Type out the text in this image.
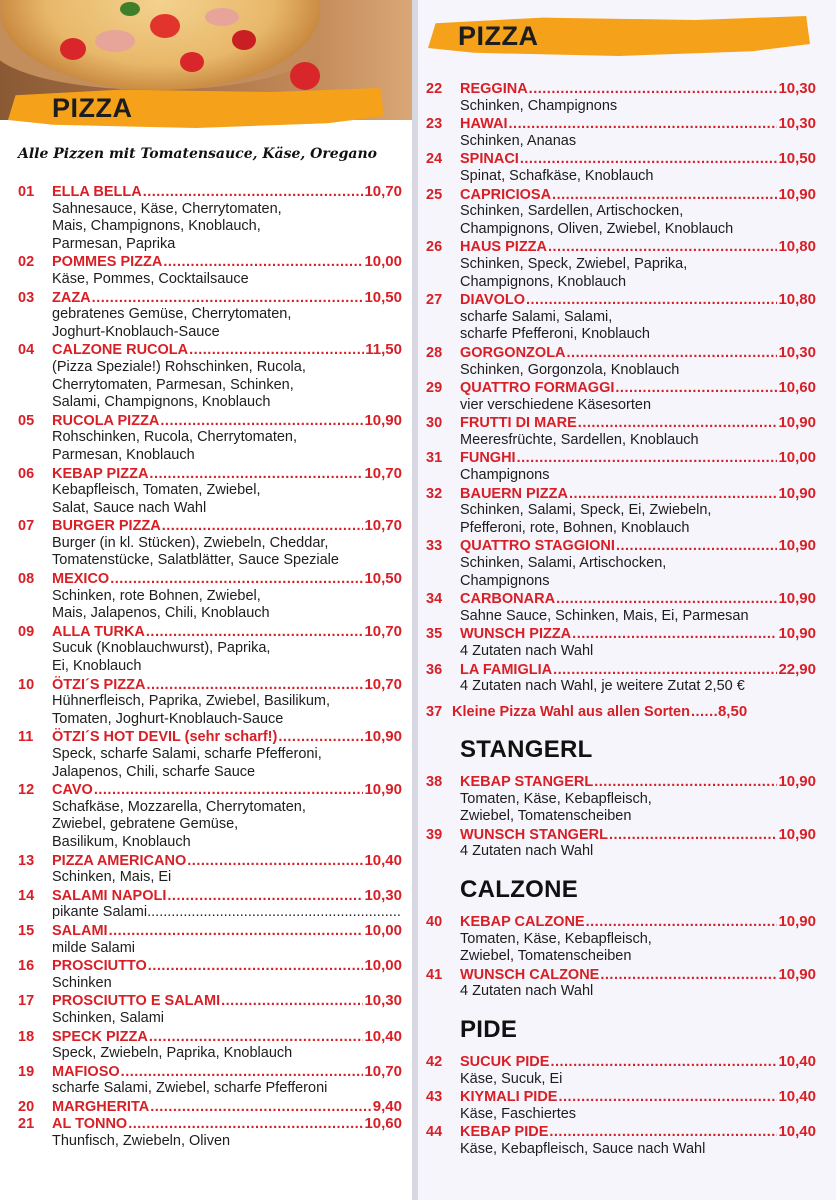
PIZZA
Alle Pizzen mit Tomatensauce, Käse, Oregano
01	ELLA BELLA .....	10,70
Sahnesauce, Käse, Cherrytomaten,
Mais, Champignons, Knoblauch,
Parmesan, Paprika
02	POMMES PIZZA .....	10,00
Käse, Pommes, Cocktailsauce
03	ZAZA .....	10,50
gebratenes Gemüse, Cherrytomaten,
Joghurt-Knoblauch-Sauce
04	CALZONE RUCOLA .....	11,50
(Pizza Speziale!) Rohschinken, Rucola,
Cherrytomaten, Parmesan, Schinken,
Salami, Champignons, Knoblauch
05	RUCOLA PIZZA .....	10,90
Rohschinken, Rucola, Cherrytomaten,
Parmesan, Knoblauch
06	KEBAP PIZZA .....	10,70
Kebapfleisch, Tomaten, Zwiebel,
Salat, Sauce nach Wahl
07	BURGER PIZZA .....	10,70
Burger (in kl. Stücken), Zwiebeln, Cheddar,
Tomatenstücke, Salatblätter, Sauce Speziale
08	MEXICO .....	10,50
Schinken, rote Bohnen, Zwiebel,
Mais, Jalapenos, Chili, Knoblauch
09	ALLA TURKA .....	10,70
Sucuk (Knoblauchwurst), Paprika,
Ei, Knoblauch
10	ÖTZI´S PIZZA .....	10,70
Hühnerfleisch, Paprika, Zwiebel, Basilikum,
Tomaten, Joghurt-Knoblauch-Sauce
11	ÖTZI´S HOT DEVIL (sehr scharf!) .....	10,90
Speck, scharfe Salami, scharfe Pfefferoni,
Jalapenos, Chili, scharfe Sauce
12	CAVO .....	10,90
Schafkäse, Mozzarella, Cherrytomaten,
Zwiebel, gebratene Gemüse,
Basilikum, Knoblauch
13	PIZZA AMERICANO .....	10,40
Schinken, Mais, Ei
14	SALAMI NAPOLI .....	10,30
pikante Salami
.....
15	SALAMI .....	10,00
milde Salami
16	PROSCIUTTO .....	10,00
Schinken
17	PROSCIUTTO E SALAMI .....	10,30
Schinken, Salami
18	SPECK PIZZA .....	10,40
Speck, Zwiebeln, Paprika, Knoblauch
19	MAFIOSO .....	10,70
scharfe Salami, Zwiebel, scharfe Pfefferoni
20	MARGHERITA .....	9,40
21	AL TONNO .....	10,60
Thunfisch, Zwiebeln, Oliven
PIZZA
22	REGGINA .....	10,30
Schinken, Champignons
23	HAWAI .....	10,30
Schinken, Ananas
24	SPINACI .....	10,50
Spinat, Schafkäse, Knoblauch
25	CAPRICIOSA .....	10,90
Schinken, Sardellen, Artischocken,
Champignons, Oliven, Zwiebel, Knoblauch
26	HAUS PIZZA .....	10,80
Schinken, Speck, Zwiebel, Paprika,
Champignons, Knoblauch
27	DIAVOLO .....	10,80
scharfe Salami, Salami,
scharfe Pfefferoni, Knoblauch
28	GORGONZOLA .....	10,30
Schinken, Gorgonzola, Knoblauch
29	QUATTRO FORMAGGI .....	10,60
vier verschiedene Käsesorten
30	FRUTTI DI MARE .....	10,90
Meeresfrüchte, Sardellen, Knoblauch
31	FUNGHI .....	10,00
Champignons
32	BAUERN PIZZA .....	10,90
Schinken, Salami, Speck, Ei, Zwiebeln,
Pfefferoni, rote, Bohnen, Knoblauch
33	QUATTRO STAGGIONI .....	10,90
Schinken, Salami, Artischocken,
Champignons
34	CARBONARA .....	10,90
Sahne Sauce, Schinken, Mais, Ei, Parmesan
35	WUNSCH PIZZA .....	10,90
4 Zutaten nach Wahl
36	LA FAMIGLIA .....	22,90
4 Zutaten nach Wahl, je weitere Zutat 2,50 €
37 Kleine Pizza Wahl aus allen Sorten ..... 8,50
STANGERL
38	KEBAP STANGERL .....	10,90
Tomaten, Käse, Kebapfleisch,
Zwiebel, Tomatenscheiben
39	WUNSCH STANGERL .....	10,90
4 Zutaten nach Wahl
CALZONE
40	KEBAP CALZONE .....	10,90
Tomaten, Käse, Kebapfleisch,
Zwiebel, Tomatenscheiben
41	WUNSCH CALZONE .....	10,90
4 Zutaten nach Wahl
PIDE
42	SUCUK PIDE .....	10,40
Käse, Sucuk, Ei
43	KIYMALI PIDE .....	10,40
Käse, Faschiertes
44	KEBAP PIDE .....	10,40
Käse, Kebapfleisch, Sauce nach Wahl
